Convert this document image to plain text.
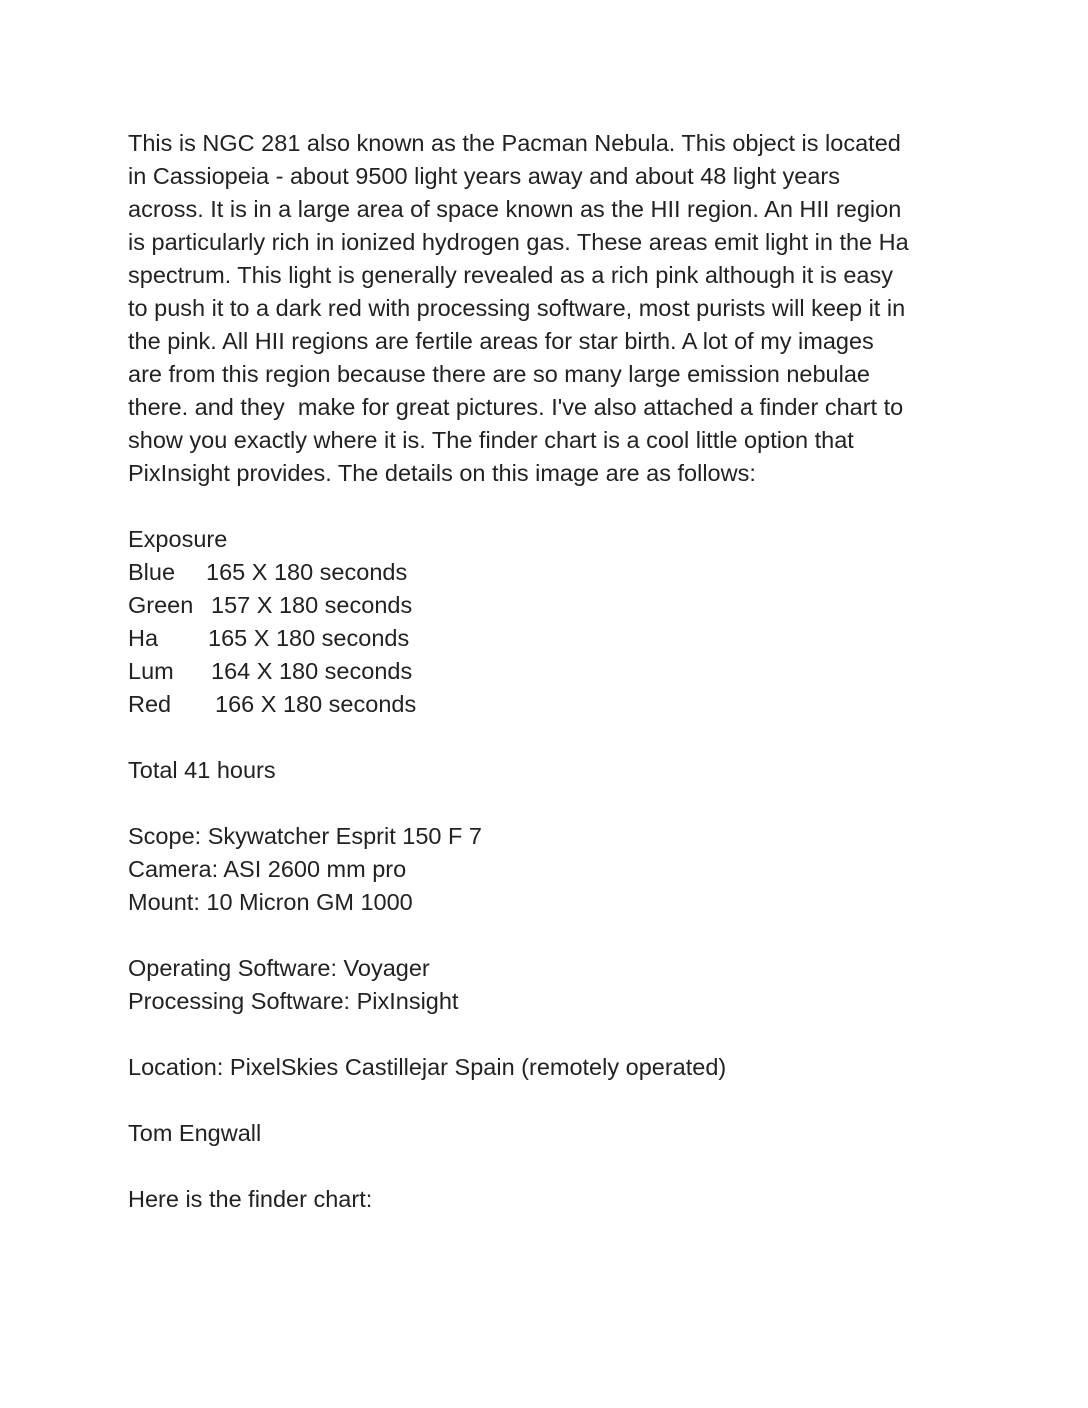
This is NGC 281 also known as the Pacman Nebula. This object is located
in Cassiopeia - about 9500 light years away and about 48 light years
across. It is in a large area of space known as the HII region. An HII region
is particularly rich in ionized hydrogen gas. These areas emit light in the Ha
spectrum. This light is generally revealed as a rich pink although it is easy
to push it to a dark red with processing software, most purists will keep it in
the pink. All HII regions are fertile areas for star birth. A lot of my images
are from this region because there are so many large emission nebulae
there. and they  make for great pictures. I've also attached a finder chart to
show you exactly where it is. The finder chart is a cool little option that
PixInsight provides. The details on this image are as follows:
Exposure
Blue 165 X 180 seconds
Green 157 X 180 seconds
Ha 165 X 180 seconds
Lum 164 X 180 seconds
Red 166 X 180 seconds
Total 41 hours
Scope: Skywatcher Esprit 150 F 7
Camera: ASI 2600 mm pro
Mount: 10 Micron GM 1000
Operating Software: Voyager
Processing Software: PixInsight
Location: PixelSkies Castillejar Spain (remotely operated)
Tom Engwall
Here is the finder chart:
